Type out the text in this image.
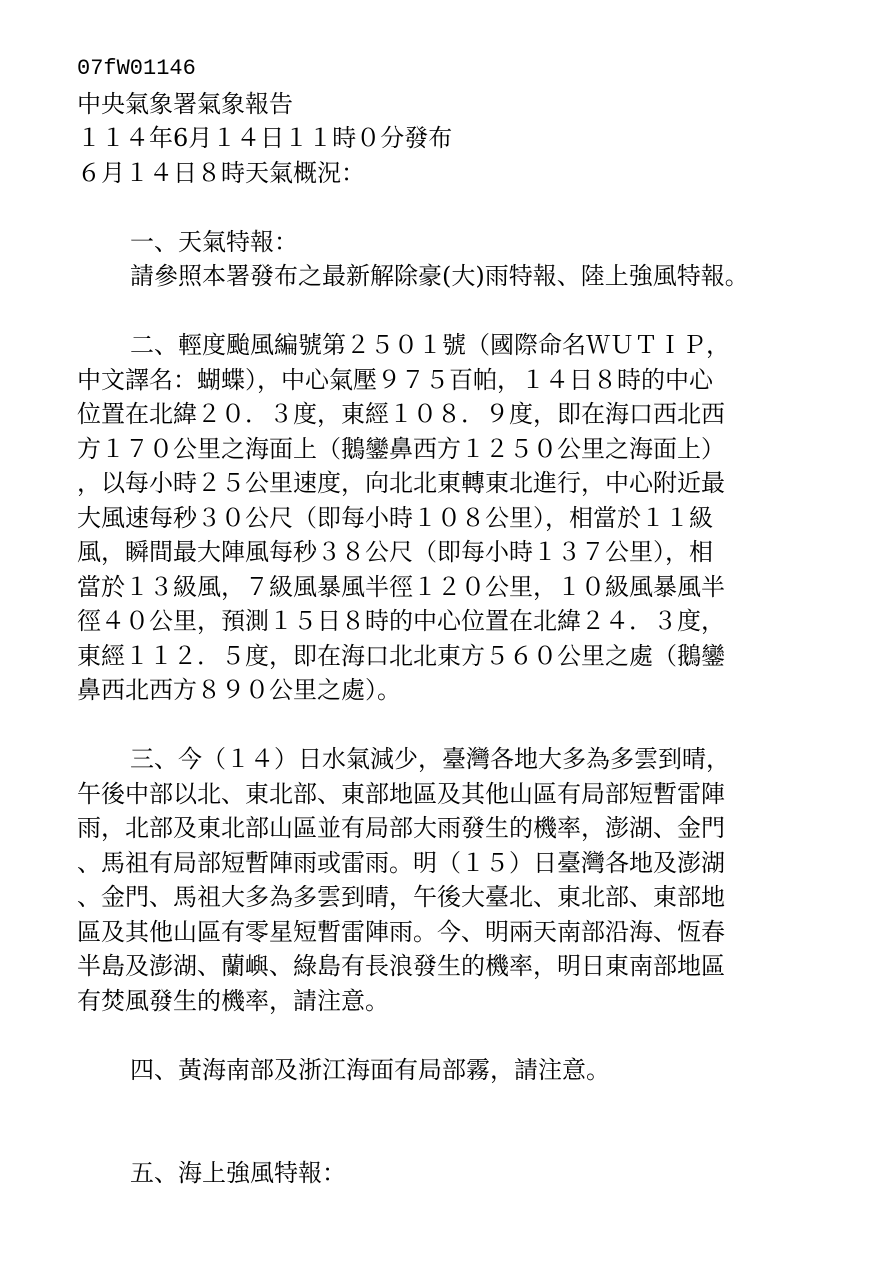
07fW01146
中央氣象署氣象報告
１１４年6月１４日１１時０分發布
６月１４日８時天氣概況：
一、天氣特報：
請參照本署發布之最新解除豪(大)雨特報、陸上強風特報。
二、輕度颱風編號第２５０１號（國際命名ＷＵＴＩＰ，
中文譯名：蝴蝶），中心氣壓９７５百帕，１４日８時的中心
位置在北緯２０．３度，東經１０８．９度，即在海口西北西
方１７０公里之海面上（鵝鑾鼻西方１２５０公里之海面上）
，以每小時２５公里速度，向北北東轉東北進行，中心附近最
大風速每秒３０公尺（即每小時１０８公里），相當於１１級
風，瞬間最大陣風每秒３８公尺（即每小時１３７公里），相
當於１３級風，７級風暴風半徑１２０公里，１０級風暴風半
徑４０公里，預測１５日８時的中心位置在北緯２４．３度，
東經１１２．５度，即在海口北北東方５６０公里之處（鵝鑾
鼻西北西方８９０公里之處）。
三、今（１４）日水氣減少，臺灣各地大多為多雲到晴，
午後中部以北、東北部、東部地區及其他山區有局部短暫雷陣
雨，北部及東北部山區並有局部大雨發生的機率，澎湖、金門
、馬祖有局部短暫陣雨或雷雨。明（１５）日臺灣各地及澎湖
、金門、馬祖大多為多雲到晴，午後大臺北、東北部、東部地
區及其他山區有零星短暫雷陣雨。今、明兩天南部沿海、恆春
半島及澎湖、蘭嶼、綠島有長浪發生的機率，明日東南部地區
有焚風發生的機率，請注意。
四、黃海南部及浙江海面有局部霧，請注意。
五、海上強風特報：
